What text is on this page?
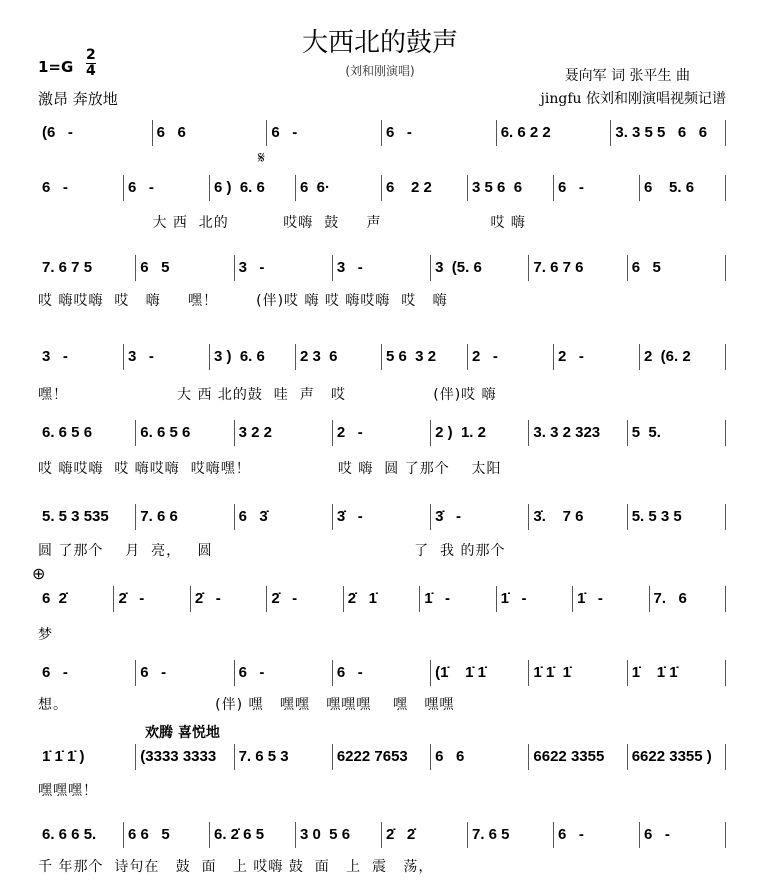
大西北的鼓声
(刘和刚演唱)
1=G
2
4
激昂 奔放地
聂向军 词 张平生 曲
jingfu 依刘和刚演唱视频记谱
𝄋
⊕
欢腾 喜悦地
(6   -	6   6	6   -	6   -	6. 6 2 2	3. 3 5 5   6   6
6   -	6   -	6 )  6. 6	6  6·	6    2 2	3 5 6  6	6   -	6    5. 6
大 西  北的          哎嗨  鼓     声                    哎 嗨
7. 6 7 5	6   5	3   -	3   -	3  (5. 6	7. 6 7 6	6   5
哎 嗨哎嗨  哎   嗨     嘿！       (伴)哎 嗨 哎 嗨哎嗨  哎   嗨
3   -	3   -	3 )  6. 6	2 3  6	5 6  3 2	2   -	2   -	2  (6. 2
嘿！                    大 西 北的鼓  哇  声   哎                (伴)哎 嗨
6. 6 5 6	6. 6 5 6	3 2 2	2   -	2 )  1. 2	3. 3 2 323	5  5.
哎 嗨哎嗨  哎 嗨哎嗨  哎嗨嘿！                哎 嗨  圆 了那个    太阳
5. 5 3 535	7. 6 6	6   3̇	3̇   -	3̇   -	3̇.    7 6	5. 5 3 5
圆 了那个    月  亮，   圆                                     了  我 的那个
6  2̇	2̇   -	2̇   -	2̇   -	2̇   1̇	1̇   -	1̇   -	1̇   -	7.   6
梦
6   -	6   -	6   -	6   -	(1̇    1̇ 1̇	1̇ 1̇  1̇	1̇    1̇ 1̇
想。                           (伴) 嘿   嘿嘿   嘿嘿嘿    嘿   嘿嘿
1̇ 1̇ 1̇ )	(3333 3333	7. 6 5 3	6222 7653	6   6	6622 3355	6622 3355 )
嘿嘿嘿！
6. 6 6 5.	6 6   5	6. 2̇ 6 5	3 0  5 6	2̇   2̇	7. 6 5	6   -	6   -
千 年那个  诗句在   鼓  面   上 哎嗨 鼓  面   上  震   荡，
